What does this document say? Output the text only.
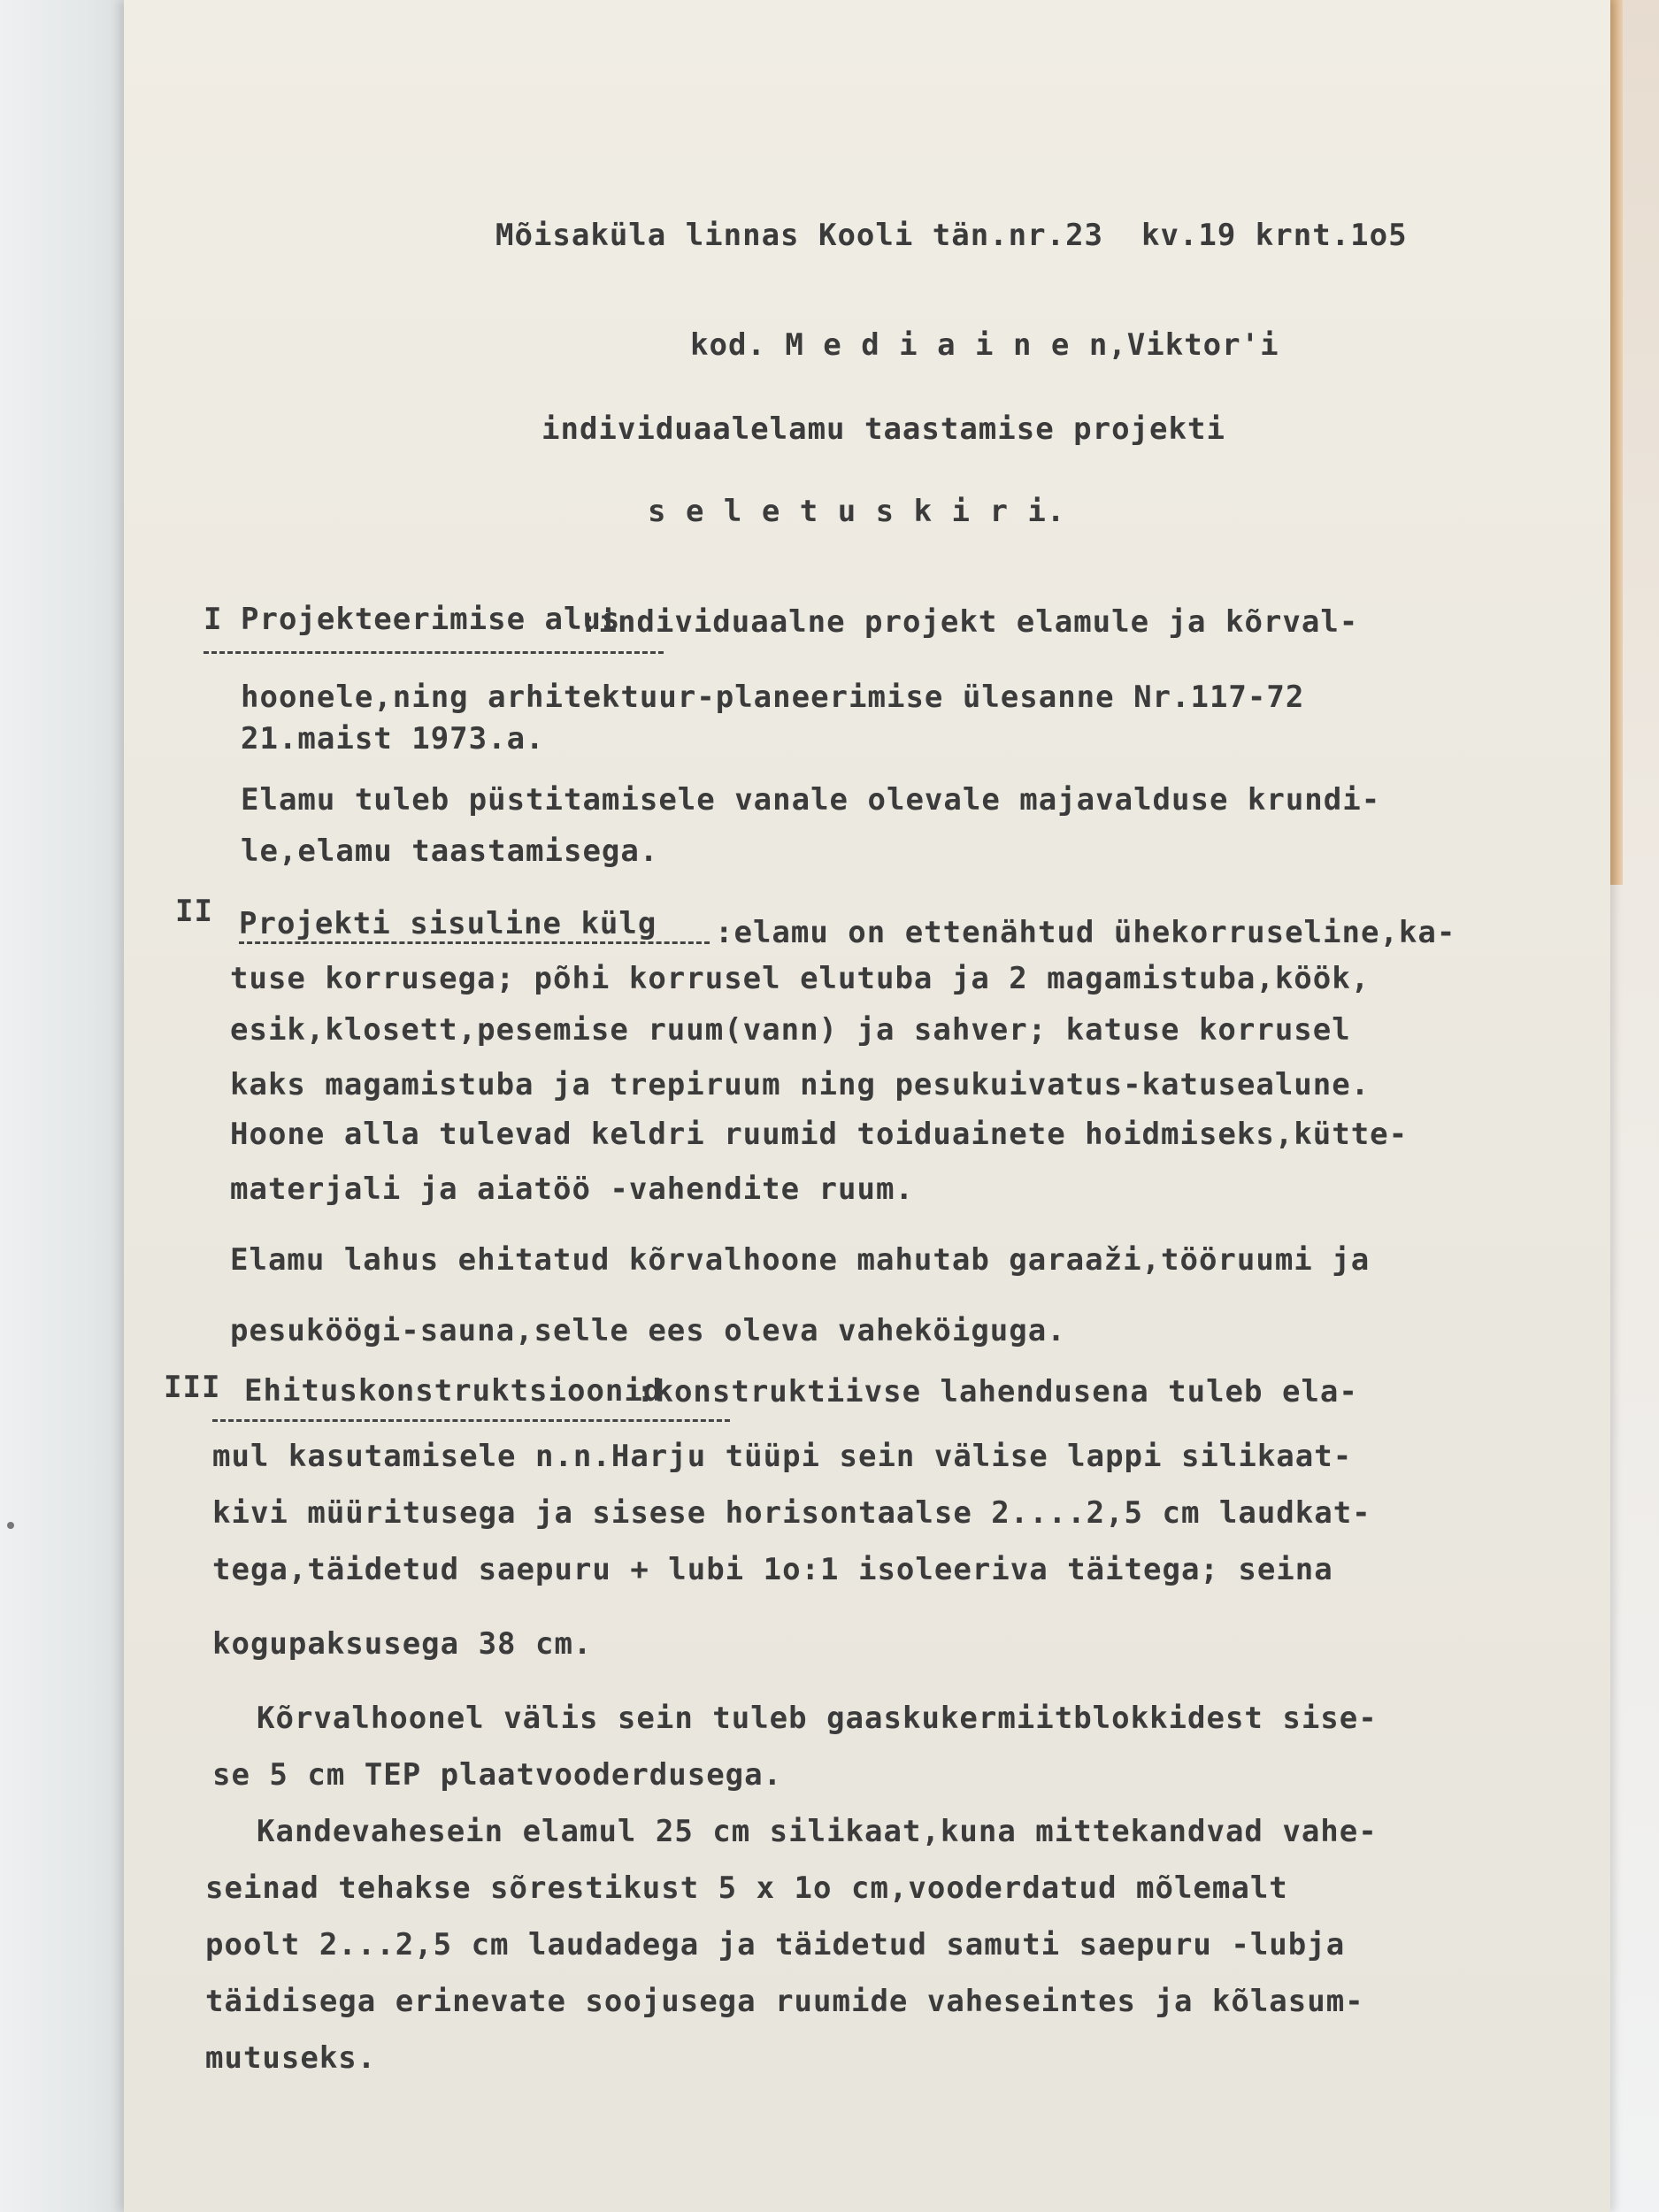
Mõisaküla linnas Kooli tän.nr.23  kv.19 krnt.1o5

kod. M e d i a i n e n,Viktor'i

individuaalelamu taastamise projekti

s e l e t u s k i r i.

I Projekteerimise alus

:individuaalne projekt elamule ja kõrval-

hoonele,ning arhitektuur-planeerimise ülesanne Nr.117-72

21.maist 1973.a.

Elamu tuleb püstitamisele vanale olevale majavalduse krundi-

le,elamu taastamisega.

II Projekti sisuline külg :elamu on ettenähtud ühekorruseline,ka-

tuse korrusega; põhi korrusel elutuba ja 2 magamistuba,köök,

esik,klosett,pesemise ruum(vann) ja sahver; katuse korrusel

kaks magamistuba ja trepiruum ning pesukuivatus-katusealune.

Hoone alla tulevad keldri ruumid toiduainete hoidmiseks,kütte-

materjali ja aiatöö -vahendite ruum.

Elamu lahus ehitatud kõrvalhoone mahutab garaaži,tööruumi ja

pesuköögi-sauna,selle ees oleva vaheköiguga.

III Ehituskonstruktsioonid

:konstruktiivse lahendusena tuleb ela-

mul kasutamisele n.n.Harju tüüpi sein välise lappi silikaat-

kivi müüritusega ja sisese horisontaalse 2....2,5 cm laudkat-

tega,täidetud saepuru + lubi 1o:1 isoleeriva täitega; seina

kogupaksusega 38 cm.

Kõrvalhoonel välis sein tuleb gaaskukermiitblokkidest sise-

se 5 cm TEP plaatvooderdusega.

Kandevahesein elamul 25 cm silikaat,kuna mittekandvad vahe-

seinad tehakse sõrestikust 5 x 1o cm,vooderdatud mõlemalt

poolt 2...2,5 cm laudadega ja täidetud samuti saepuru -lubja

täidisega erinevate soojusega ruumide vaheseintes ja kõlasum-

mutuseks.
